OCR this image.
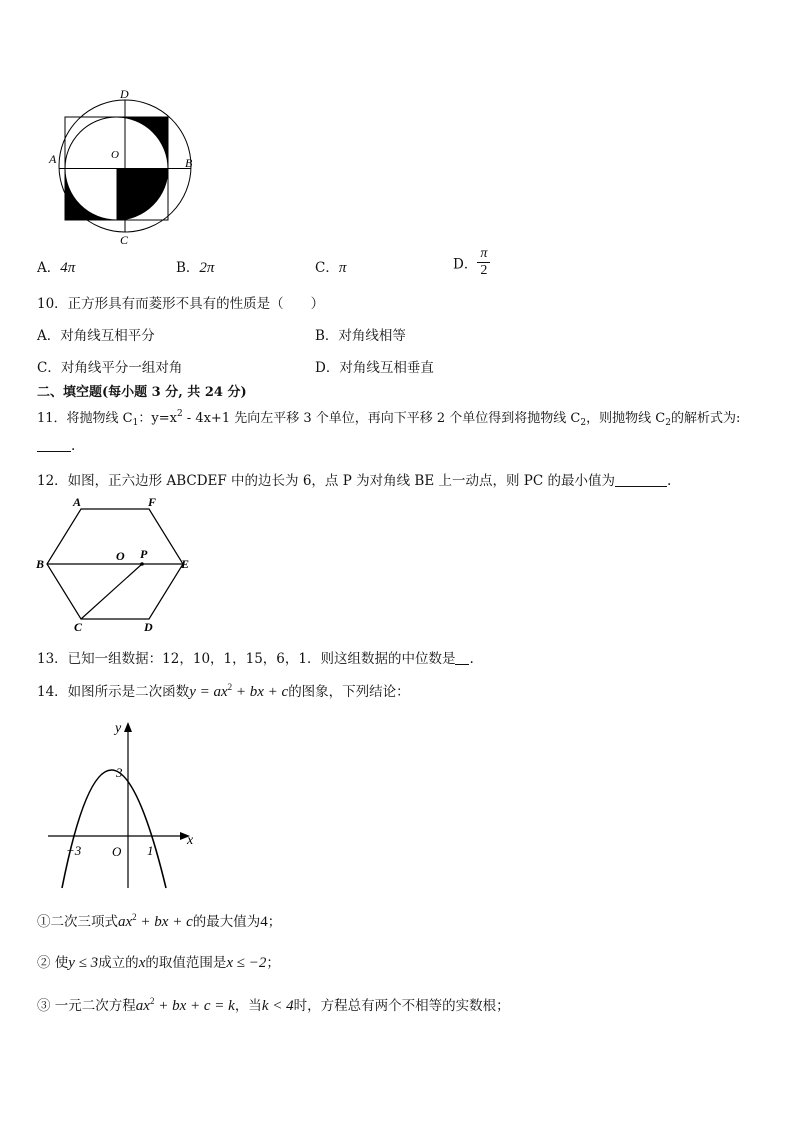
D
C
A	B
O
A．4π	B．2π	C．π	D． $\frac{\pi}{2}$
10．正方形具有而菱形不具有的性质是（　　）
A．对角线互相平分	B．对角线相等
C．对角线平分一组对角	D．对角线互相垂直
二、填空题(每小题 3 分, 共 24 分)
11．将抛物线 $C_1$：$y=x^2 - 4x+1$ 先向左平移 3 个单位，再向下平移 2 个单位得到将抛物线 $C_2$，则抛物线 $C_2$的解析式为:
.
12．如图，正六边形 ABCDEF 中的边长为 6，点 P 为对角线 BE 上一动点，则 PC 的最小值为	.
A	F
B
O P
E
C	D
13．已知一组数据：12，10，1，15，6，1．则这组数据的中位数是 .
14．如图所示是二次函数$y = ax^2$ + bx + c的图象，下列结论：
y
x
3
−3 O 1
①二次三项式$ax^2$ + bx + c的最大值为4；
② 使y ≤ 3成立的x的取值范围是x ≤ −2；
③ 一元二次方程$ax^2$ + bx + c = k，当k < 4时，方程总有两个不相等的实数根；
